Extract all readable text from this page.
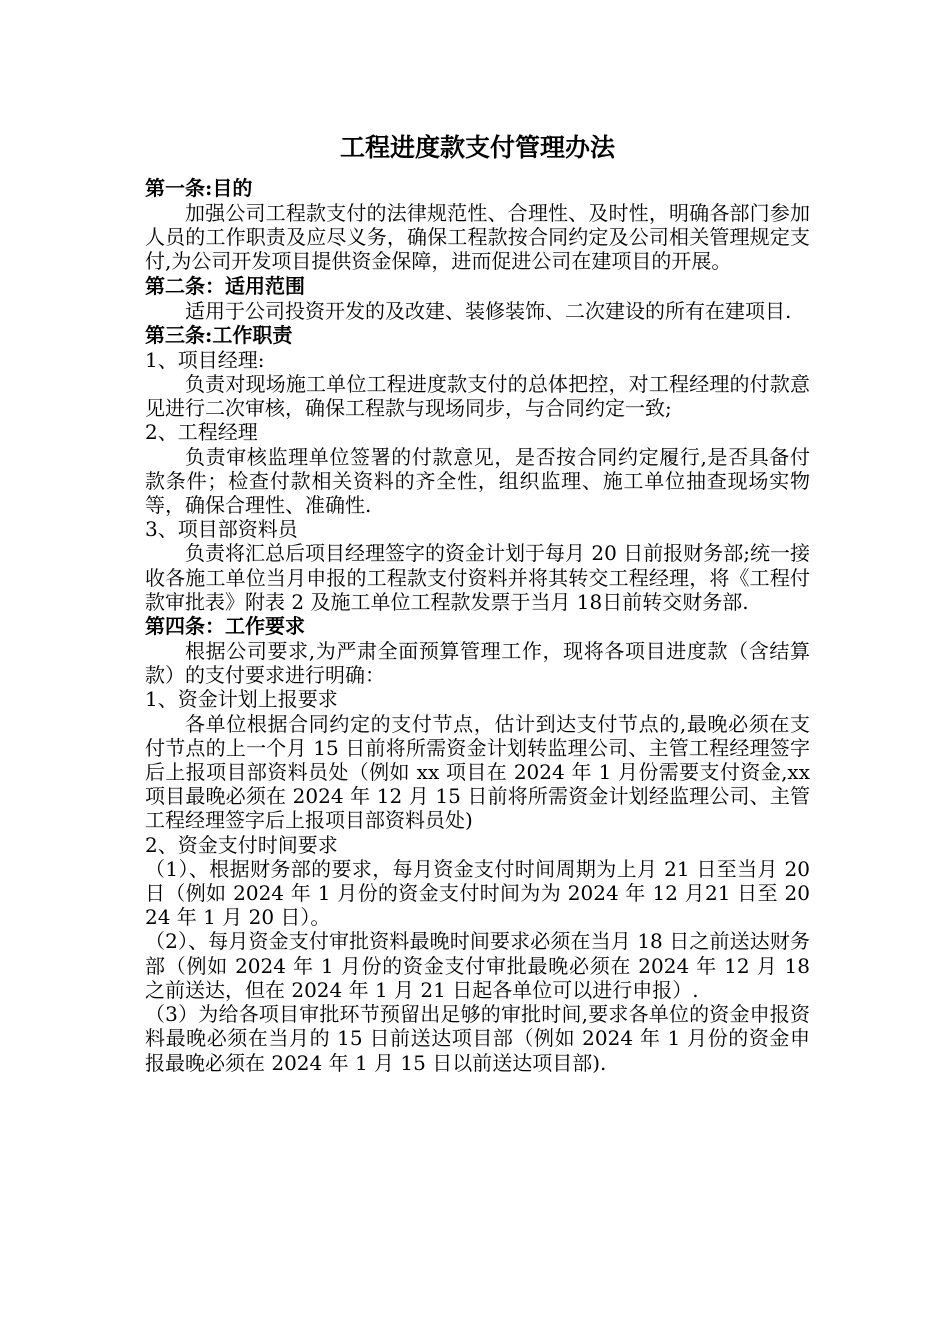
工程进度款支付管理办法
第一条:目的

加强公司工程款支付的法律规范性、合理性、及时性，明确各部门参加人员的工作职责及应尽义务，确保工程款按合同约定及公司相关管理规定支付,为公司开发项目提供资金保障，进而促进公司在建项目的开展。

第二条：适用范围

适用于公司投资开发的及改建、装修装饰、二次建设的所有在建项目.

第三条:工作职责

1、项目经理:

负责对现场施工单位工程进度款支付的总体把控，对工程经理的付款意见进行二次审核，确保工程款与现场同步，与合同约定一致;

2、工程经理

负责审核监理单位签署的付款意见，是否按合同约定履行,是否具备付款条件；检查付款相关资料的齐全性，组织监理、施工单位抽查现场实物等，确保合理性、准确性.

3、项目部资料员

负责将汇总后项目经理签字的资金计划于每月 20 日前报财务部;统一接收各施工单位当月申报的工程款支付资料并将其转交工程经理，将《工程付款审批表》附表 2 及施工单位工程款发票于当月 18日前转交财务部.

第四条：工作要求

根据公司要求,为严肃全面预算管理工作，现将各项目进度款（含结算款）的支付要求进行明确：

1、资金计划上报要求

各单位根据合同约定的支付节点，估计到达支付节点的,最晚必须在支付节点的上一个月 15 日前将所需资金计划转监理公司、主管工程经理签字后上报项目部资料员处（例如 xx 项目在 2024 年 1 月份需要支付资金,xx 项目最晚必须在 2024 年 12 月 15 日前将所需资金计划经监理公司、主管工程经理签字后上报项目部资料员处)

2、资金支付时间要求

（1）、根据财务部的要求，每月资金支付时间周期为上月 21 日至当月 20 日（例如 2024 年 1 月份的资金支付时间为为 2024 年 12 月21 日至 2024 年 1 月 20 日）。

（2）、每月资金支付审批资料最晚时间要求必须在当月 18 日之前送达财务部（例如 2024 年 1 月份的资金支付审批最晚必须在 2024 年 12 月 18 之前送达，但在 2024 年 1 月 21 日起各单位可以进行申报）.

（3）为给各项目审批环节预留出足够的审批时间,要求各单位的资金申报资料最晚必须在当月的 15 日前送达项目部（例如 2024 年 1 月份的资金申报最晚必须在 2024 年 1 月 15 日以前送达项目部).
